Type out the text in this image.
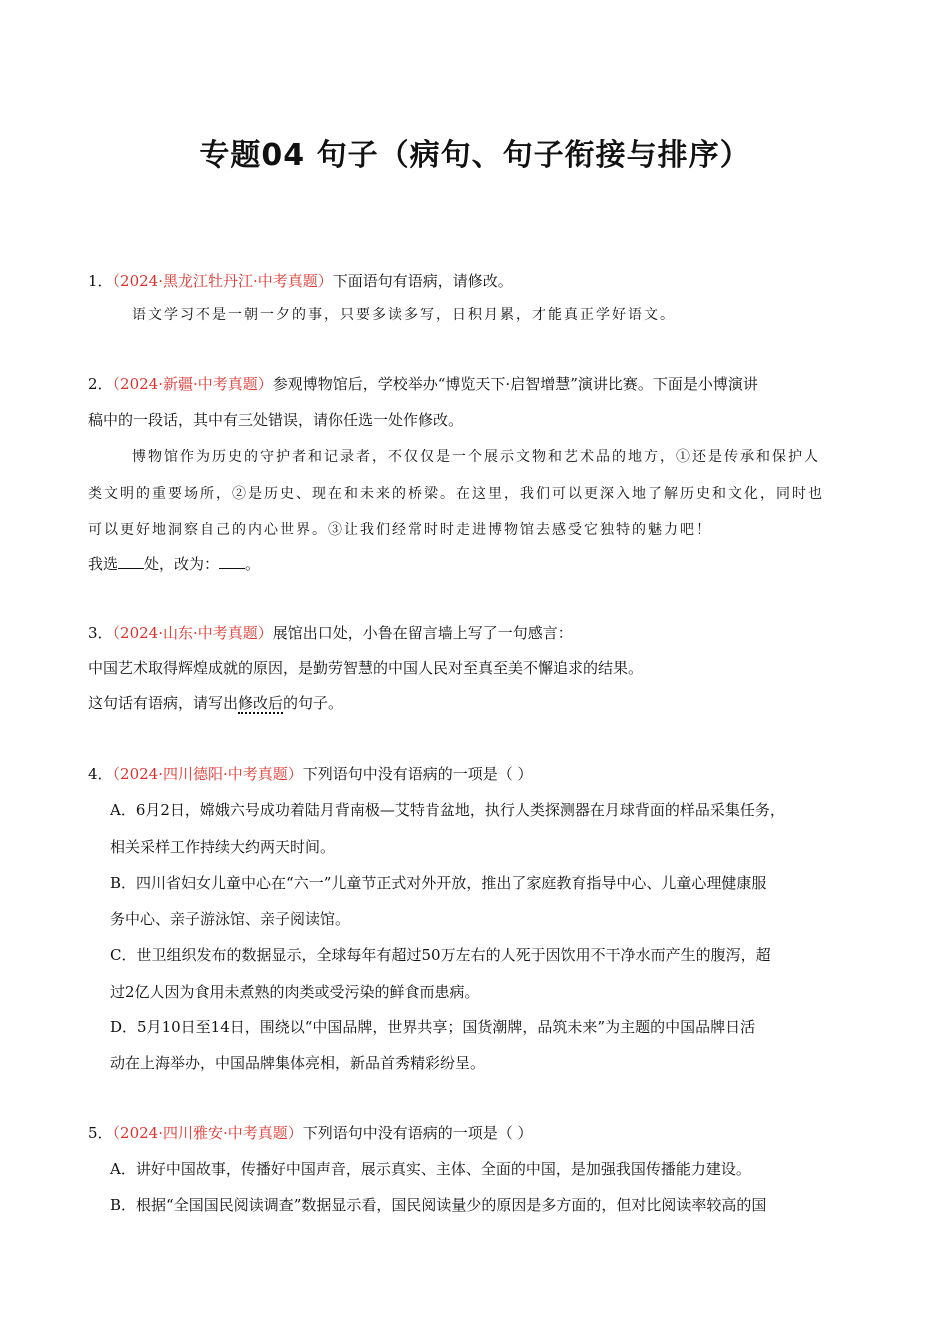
专题04 句子（病句、句子衔接与排序）
1．（2024·黑龙江牡丹江·中考真题）下面语句有语病，请修改。
语文学习不是一朝一夕的事，只要多读多写，日积月累，才能真正学好语文。
2．（2024·新疆·中考真题）参观博物馆后，学校举办“博览天下·启智增慧”演讲比赛。下面是小博演讲
稿中的一段话，其中有三处错误，请你任选一处作修改。
博物馆作为历史的守护者和记录者，不仅仅是一个展示文物和艺术品的地方，①还是传承和保护人
类文明的重要场所，②是历史、现在和未来的桥梁。在这里，我们可以更深入地了解历史和文化，同时也
可以更好地洞察自己的内心世界。③让我们经常时时走进博物馆去感受它独特的魅力吧！
我选 处，改为： 。
3．（2024·山东·中考真题）展馆出口处，小鲁在留言墙上写了一句感言：
中国艺术取得辉煌成就的原因，是勤劳智慧的中国人民对至真至美不懈追求的结果。
这句话有语病，请写出修改后的句子。
4．（2024·四川德阳·中考真题）下列语句中没有语病的一项是（ ）
A．6月2日，嫦娥六号成功着陆月背南极—艾特肯盆地，执行人类探测器在月球背面的样品采集任务，
相关采样工作持续大约两天时间。
B．四川省妇女儿童中心在“六一”儿童节正式对外开放，推出了家庭教育指导中心、儿童心理健康服
务中心、亲子游泳馆、亲子阅读馆。
C．世卫组织发布的数据显示，全球每年有超过50万左右的人死于因饮用不干净水而产生的腹泻，超
过2亿人因为食用未煮熟的肉类或受污染的鲜食而患病。
D．5月10日至14日，围绕以“中国品牌，世界共享；国货潮牌，品筑未来”为主题的中国品牌日活
动在上海举办，中国品牌集体亮相，新品首秀精彩纷呈。
5．（2024·四川雅安·中考真题）下列语句中没有语病的一项是（ ）
A．讲好中国故事，传播好中国声音，展示真实、主体、全面的中国，是加强我国传播能力建设。
B．根据“全国国民阅读调查”数据显示看，国民阅读量少的原因是多方面的，但对比阅读率较高的国
